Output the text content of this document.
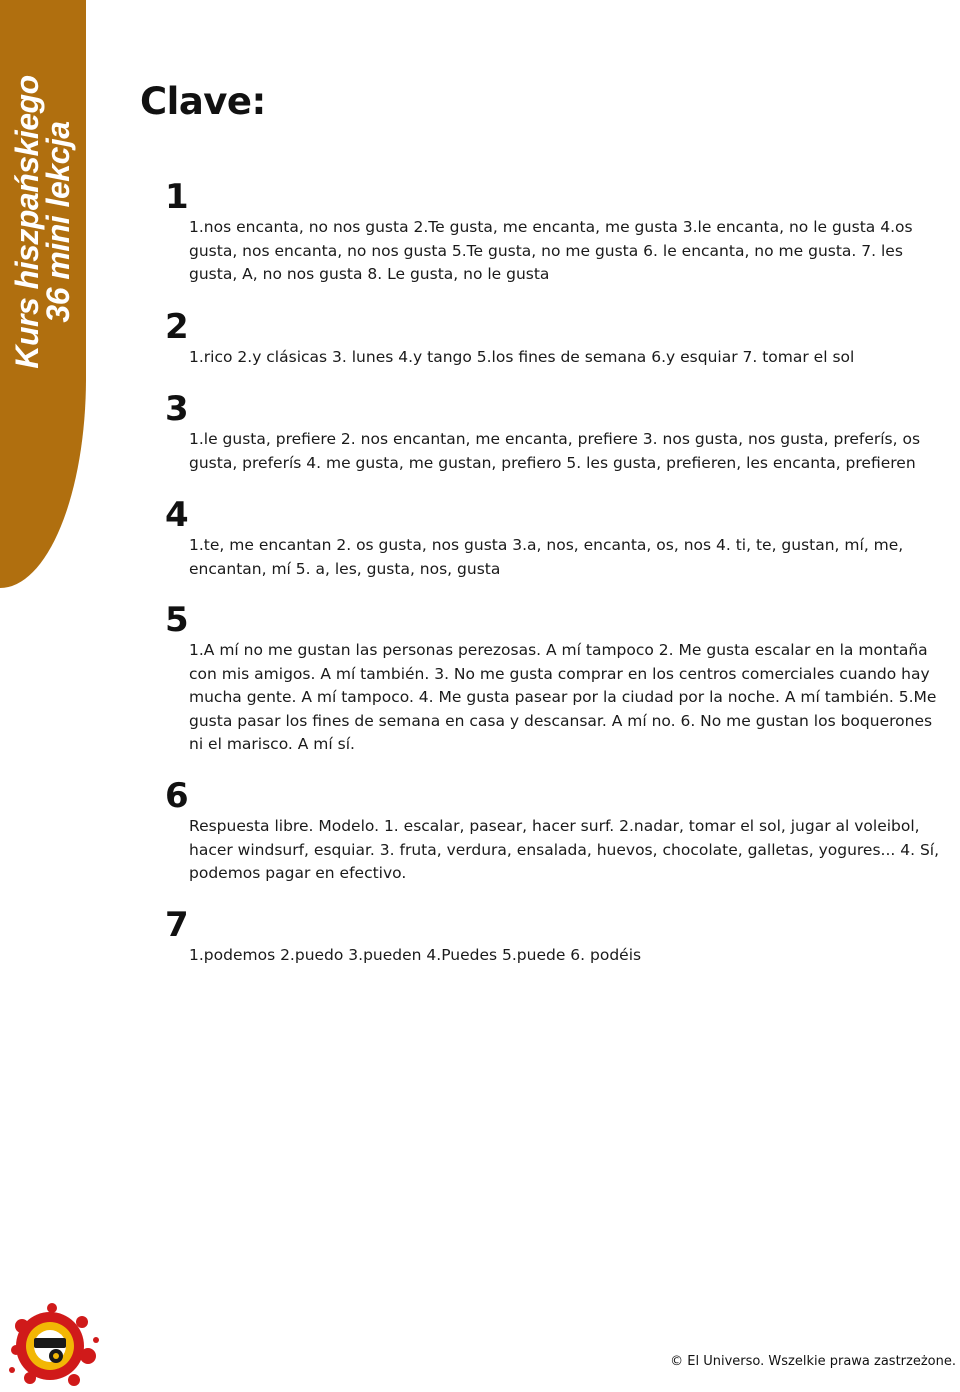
Kurs hiszpańskiego
36 mini lekcja
Clave:
1
1.nos encanta, no nos gusta 2.Te gusta, me encanta, me gusta 3.le encanta, no le gusta 4.os gusta, nos encanta, no nos gusta 5.Te gusta, no me gusta 6. le encanta, no me gusta. 7. les gusta, A, no nos gusta 8. Le gusta, no le gusta
2
1.rico 2.y clásicas 3. lunes 4.y tango 5.los fines de semana 6.y esquiar 7. tomar el sol
3
1.le gusta, prefiere 2. nos encantan, me encanta, prefiere 3. nos gusta, nos gusta, preferís, os gusta, preferís 4. me gusta, me gustan, prefiero 5. les gusta, prefieren, les encanta, prefieren
4
1.te, me encantan 2. os gusta, nos gusta 3.a, nos, encanta, os, nos 4. ti, te, gustan, mí, me, encantan, mí 5. a, les, gusta, nos, gusta
5
1.A mí no me gustan las personas perezosas. A mí tampoco 2. Me gusta escalar en la montaña con mis amigos. A mí también. 3. No me gusta comprar en los centros comerciales cuando hay mucha gente. A mí tampoco. 4. Me gusta pasear por la ciudad por la noche. A mí también. 5.Me gusta pasar los fines de semana en casa y descansar. A mí no. 6. No me gustan los boquerones ni el marisco. A mí sí.
6
Respuesta libre. Modelo. 1. escalar, pasear, hacer surf. 2.nadar, tomar el sol, jugar al voleibol, hacer windsurf, esquiar. 3. fruta, verdura, ensalada, huevos, chocolate, galletas, yogures... 4. Sí, podemos pagar en efectivo.
7
1.podemos 2.puedo 3.pueden 4.Puedes 5.puede 6. podéis
© El Universo. Wszelkie prawa zastrzeżone.
